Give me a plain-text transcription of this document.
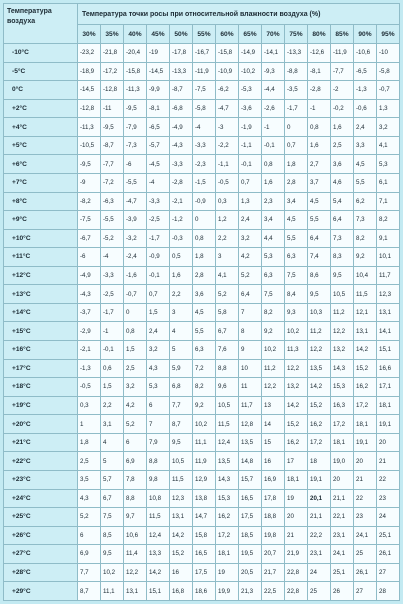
Температура воздуха	Температура точки росы при относительной влажности воздуха (%)													
	30%	35%	40%	45%	50%	55%	60%	65%	70%	75%	80%	85%	90%	95%
-10°C	-23,2	-21,8	-20,4	-19	-17,8	-16,7	-15,8	-14,9	-14,1	-13,3	-12,6	-11,9	-10,6	-10
-5°C	-18,9	-17,2	-15,8	-14,5	-13,3	-11,9	-10,9	-10,2	-9,3	-8,8	-8,1	-7,7	-6,5	-5,8
0°C	-14,5	-12,8	-11,3	-9,9	-8,7	-7,5	-6,2	-5,3	-4,4	-3,5	-2,8	-2	-1,3	-0,7
+2°C	-12,8	-11	-9,5	-8,1	-6,8	-5,8	-4,7	-3,6	-2,6	-1,7	-1	-0,2	-0,6	1,3
+4°C	-11,3	-9,5	-7,9	-6,5	-4,9	-4	-3	-1,9	-1	0	0,8	1,6	2,4	3,2
+5°C	-10,5	-8,7	-7,3	-5,7	-4,3	-3,3	-2,2	-1,1	-0,1	0,7	1,6	2,5	3,3	4,1
+6°C	-9,5	-7,7	-6	-4,5	-3,3	-2,3	-1,1	-0,1	0,8	1,8	2,7	3,6	4,5	5,3
+7°C	-9	-7,2	-5,5	-4	-2,8	-1,5	-0,5	0,7	1,6	2,8	3,7	4,6	5,5	6,1
+8°C	-8,2	-6,3	-4,7	-3,3	-2,1	-0,9	0,3	1,3	2,3	3,4	4,5	5,4	6,2	7,1
+9°C	-7,5	-5,5	-3,9	-2,5	-1,2	0	1,2	2,4	3,4	4,5	5,5	6,4	7,3	8,2
+10°C	-6,7	-5,2	-3,2	-1,7	-0,3	0,8	2,2	3,2	4,4	5,5	6,4	7,3	8,2	9,1
+11°C	-6	-4	-2,4	-0,9	0,5	1,8	3	4,2	5,3	6,3	7,4	8,3	9,2	10,1
+12°C	-4,9	-3,3	-1,6	-0,1	1,6	2,8	4,1	5,2	6,3	7,5	8,6	9,5	10,4	11,7
+13°C	-4,3	-2,5	-0,7	0,7	2,2	3,6	5,2	6,4	7,5	8,4	9,5	10,5	11,5	12,3
+14°C	-3,7	-1,7	0	1,5	3	4,5	5,8	7	8,2	9,3	10,3	11,2	12,1	13,1
+15°C	-2,9	-1	0,8	2,4	4	5,5	6,7	8	9,2	10,2	11,2	12,2	13,1	14,1
+16°C	-2,1	-0,1	1,5	3,2	5	6,3	7,6	9	10,2	11,3	12,2	13,2	14,2	15,1
+17°C	-1,3	0,6	2,5	4,3	5,9	7,2	8,8	10	11,2	12,2	13,5	14,3	15,2	16,6
+18°C	-0,5	1,5	3,2	5,3	6,8	8,2	9,6	11	12,2	13,2	14,2	15,3	16,2	17,1
+19°C	0,3	2,2	4,2	6	7,7	9,2	10,5	11,7	13	14,2	15,2	16,3	17,2	18,1
+20°C	1	3,1	5,2	7	8,7	10,2	11,5	12,8	14	15,2	16,2	17,2	18,1	19,1
+21°C	1,8	4	6	7,9	9,5	11,1	12,4	13,5	15	16,2	17,2	18,1	19,1	20
+22°C	2,5	5	6,9	8,8	10,5	11,9	13,5	14,8	16	17	18	19,0	20	21
+23°C	3,5	5,7	7,8	9,8	11,5	12,9	14,3	15,7	16,9	18,1	19,1	20	21	22
+24°C	4,3	6,7	8,8	10,8	12,3	13,8	15,3	16,5	17,8	19	20,1	21,1	22	23
+25°C	5,2	7,5	9,7	11,5	13,1	14,7	16,2	17,5	18,8	20	21,1	22,1	23	24
+26°C	6	8,5	10,6	12,4	14,2	15,8	17,2	18,5	19,8	21	22,2	23,1	24,1	25,1
+27°C	6,9	9,5	11,4	13,3	15,2	16,5	18,1	19,5	20,7	21,9	23,1	24,1	25	26,1
+28°C	7,7	10,2	12,2	14,2	16	17,5	19	20,5	21,7	22,8	24	25,1	26,1	27
+29°C	8,7	11,1	13,1	15,1	16,8	18,6	19,9	21,3	22,5	22,8	25	26	27	28
